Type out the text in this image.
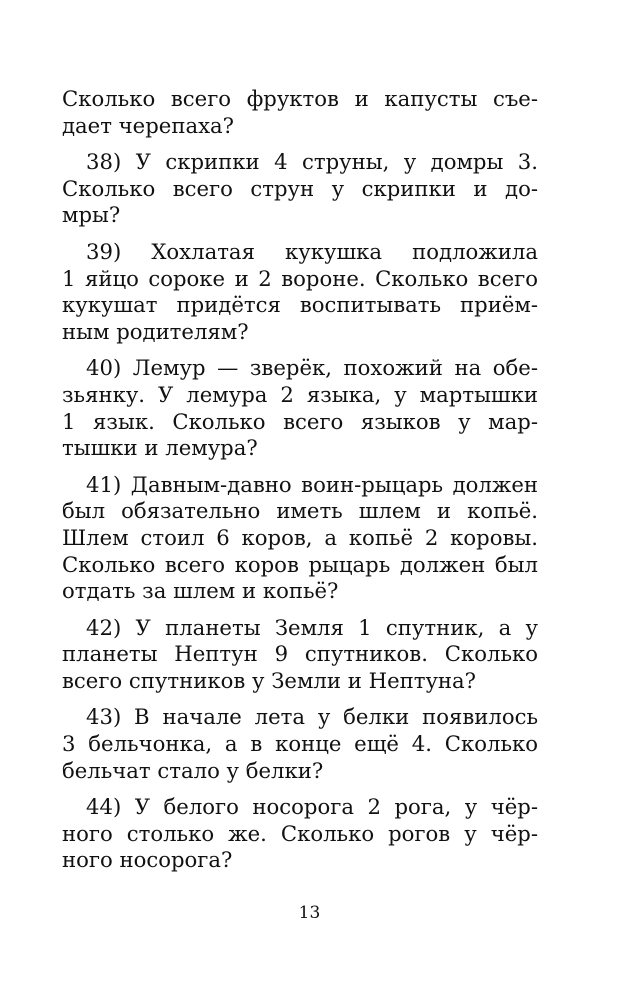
Сколько всего фруктов и капусты съе-
дает черепаха?

38) У скрипки 4 струны, у домры 3.
Сколько всего струн у скрипки и до-
мры?

39) Хохлатая кукушка подложила
1 яйцо сороке и 2 вороне. Сколько всего
кукушат придётся воспитывать приём-
ным родителям?

40) Лемур — зверёк, похожий на обе-
зьянку. У лемура 2 языка, у мартышки
1 язык. Сколько всего языков у мар-
тышки и лемура?

41) Давным-давно воин-рыцарь должен
был обязательно иметь шлем и копьё.
Шлем стоил 6 коров, а копьё 2 коровы.
Сколько всего коров рыцарь должен был
отдать за шлем и копьё?

42) У планеты Земля 1 спутник, а у
планеты Нептун 9 спутников. Сколько
всего спутников у Земли и Нептуна?

43) В начале лета у белки появилось
3 бельчонка, а в конце ещё 4. Сколько
бельчат стало у белки?

44) У белого носорога 2 рога, у чёр-
ного столько же. Сколько рогов у чёр-
ного носорога?

13
